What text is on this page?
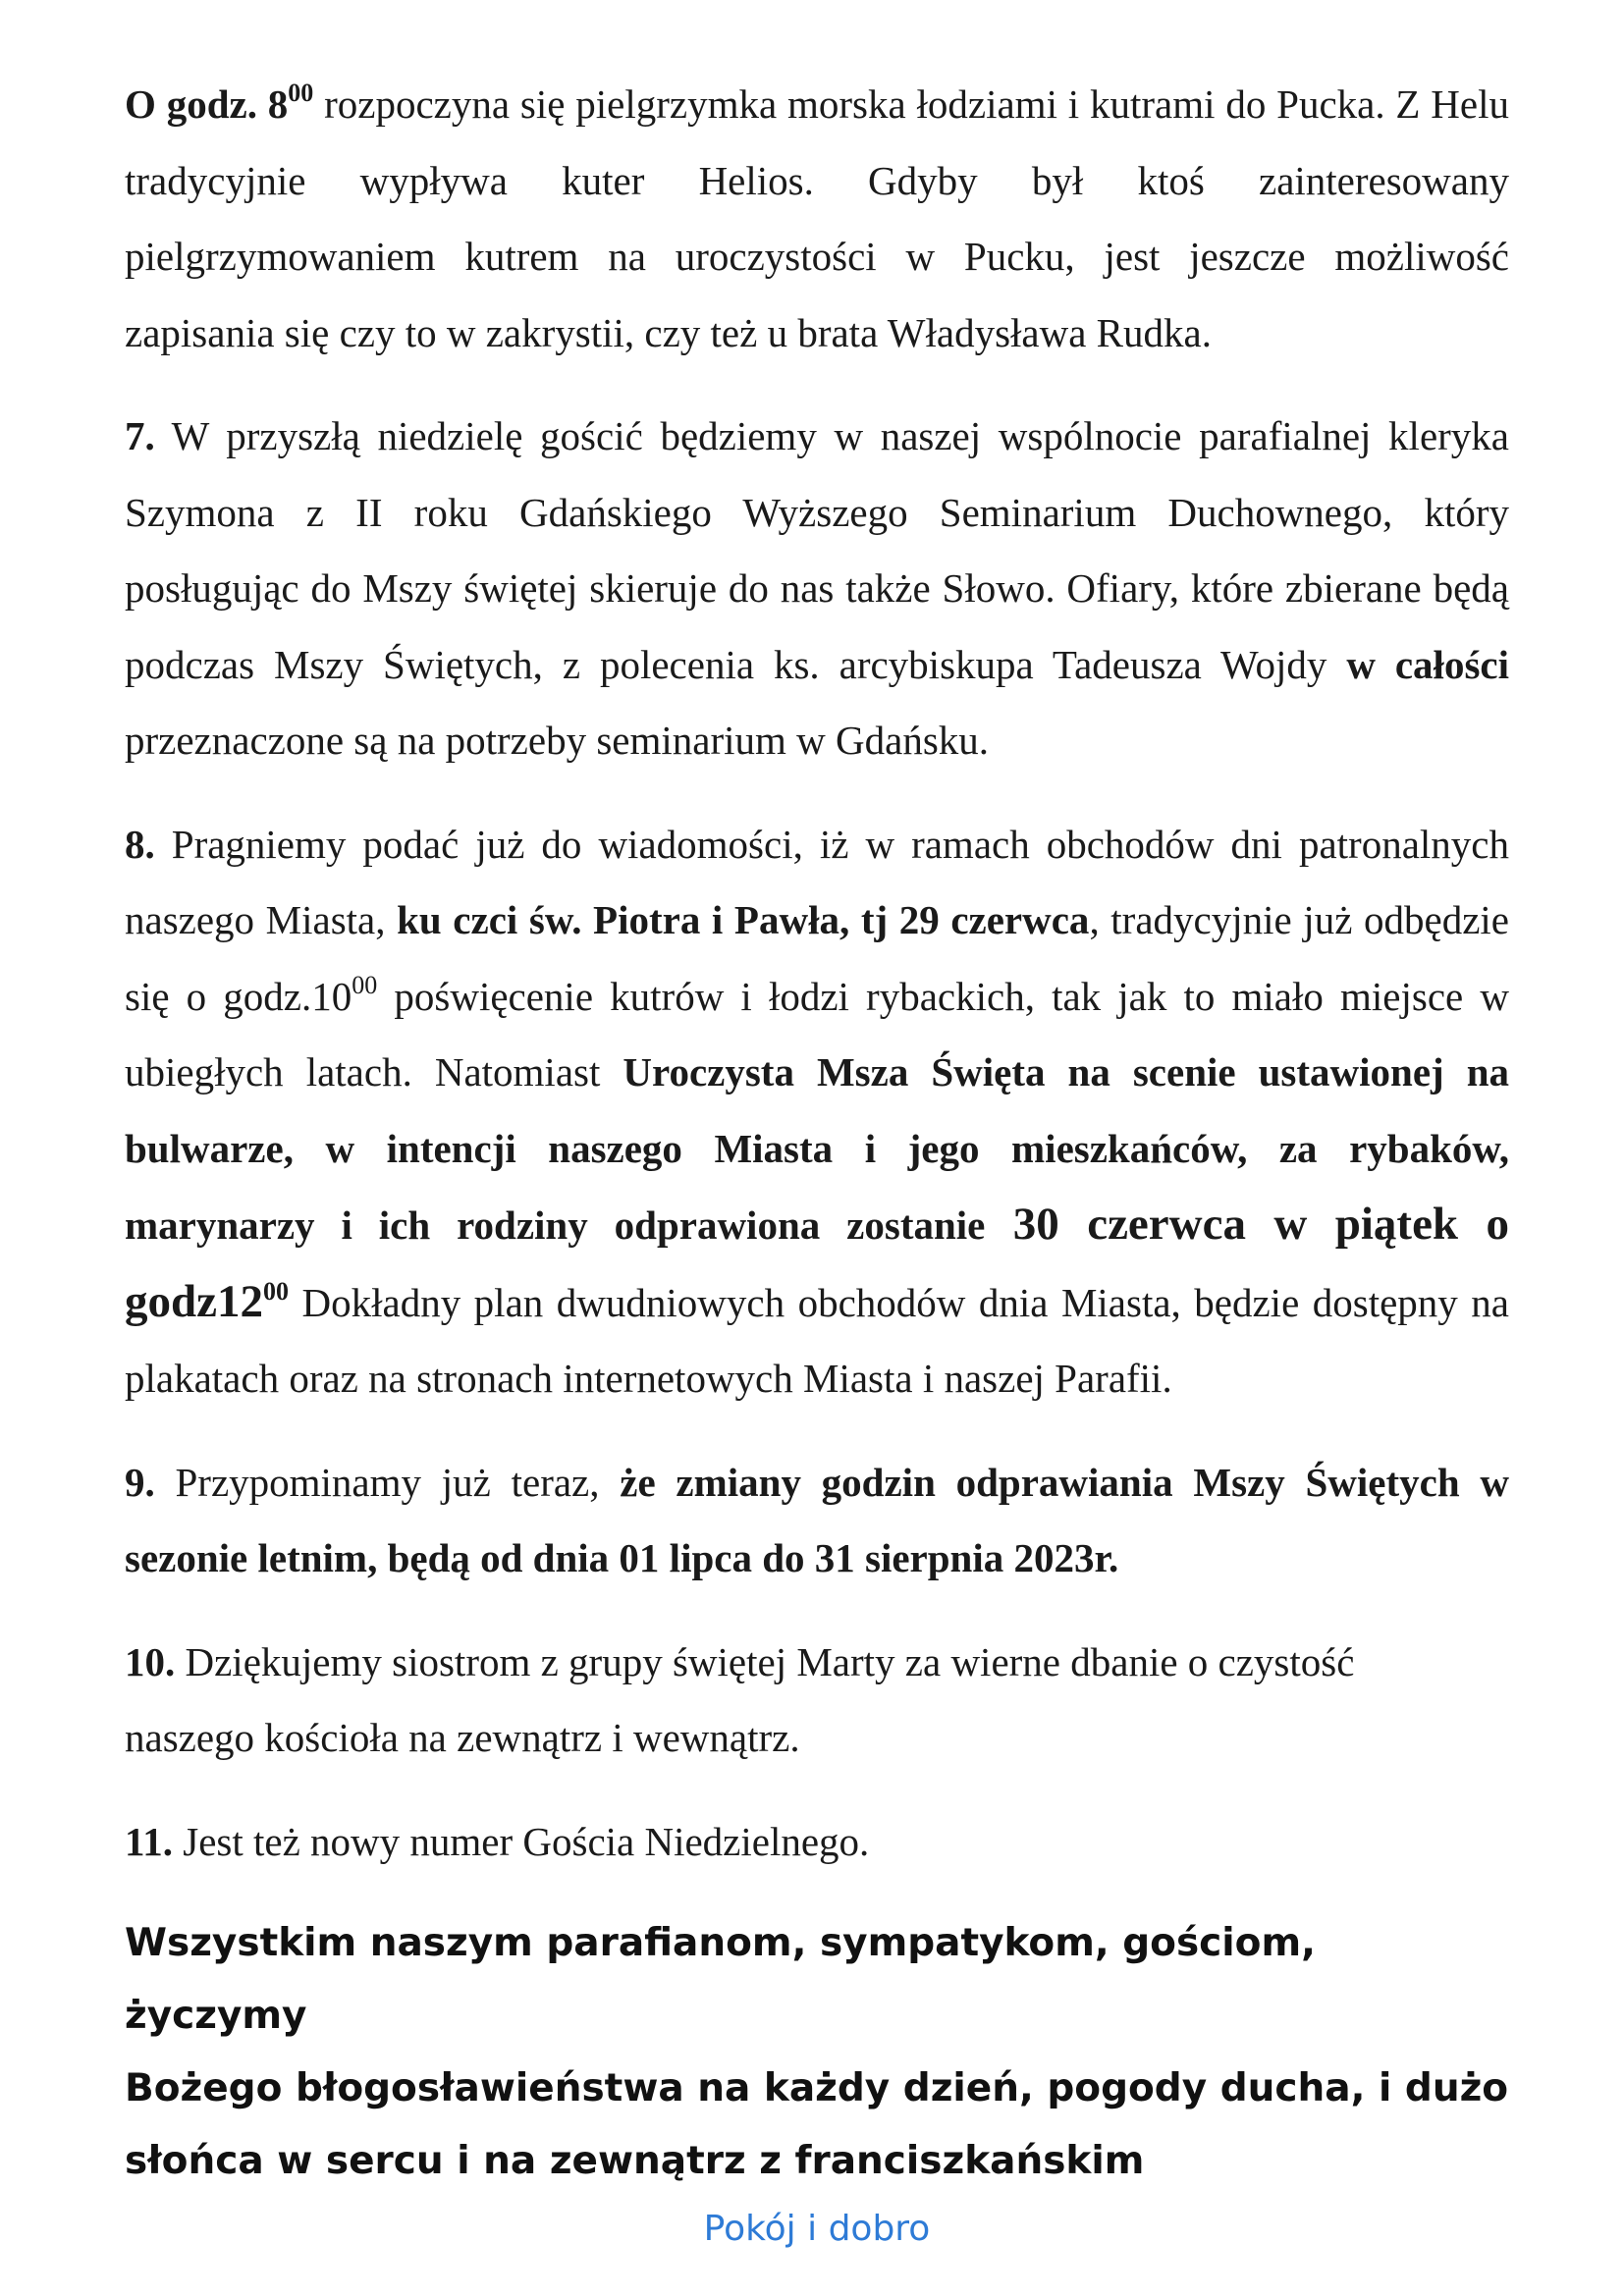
O godz. $8^{00}$ rozpoczyna się pielgrzymka morska łodziami i kutrami do Pucka. Z Helu tradycyjnie wypływa kuter Helios. Gdyby był ktoś zainteresowany pielgrzymowaniem kutrem na uroczystości w Pucku, jest jeszcze możliwość zapisania się czy to w zakrystii, czy też u brata Władysława Rudka.

7. W przyszłą niedzielę gościć będziemy w naszej wspólnocie parafialnej kleryka Szymona z II roku Gdańskiego Wyższego Seminarium Duchownego, który posługując do Mszy świętej skieruje do nas także Słowo. Ofiary, które zbierane będą podczas Mszy Świętych, z polecenia ks. arcybiskupa Tadeusza Wojdy w całości przeznaczone są na potrzeby seminarium w Gdańsku.

8. Pragniemy podać już do wiadomości, iż w ramach obchodów dni patronalnych naszego Miasta, ku czci św. Piotra i Pawła, tj 29 czerwca, tradycyjnie już odbędzie się o $godz.10^{00}$ poświęcenie kutrów i łodzi rybackich, tak jak to miało miejsce w ubiegłych latach. Natomiast Uroczysta Msza Święta na scenie ustawionej na bulwarze, w intencji naszego Miasta i jego mieszkańców, za rybaków, marynarzy i ich rodziny odprawiona zostanie 30 czerwca w piątek o $godz12^{00}$ Dokładny plan dwudniowych obchodów dnia Miasta, będzie dostępny na plakatach oraz na stronach internetowych Miasta i naszej Parafii.

9. Przypominamy już teraz, że zmiany godzin odprawiania Mszy Świętych w sezonie letnim, będą od dnia 01 lipca do 31 sierpnia 2023r.

10. Dziękujemy siostrom z grupy świętej Marty za wierne dbanie o czystość naszego kościoła na zewnątrz i wewnątrz.

11. Jest też nowy numer Gościa Niedzielnego.

Wszystkim naszym parafianom, sympatykom, gościom, życzymy
Bożego błogosławieństwa na każdy dzień, pogody ducha, i dużo
słońca w sercu i na zewnątrz z franciszkańskim
Pokój i dobro
